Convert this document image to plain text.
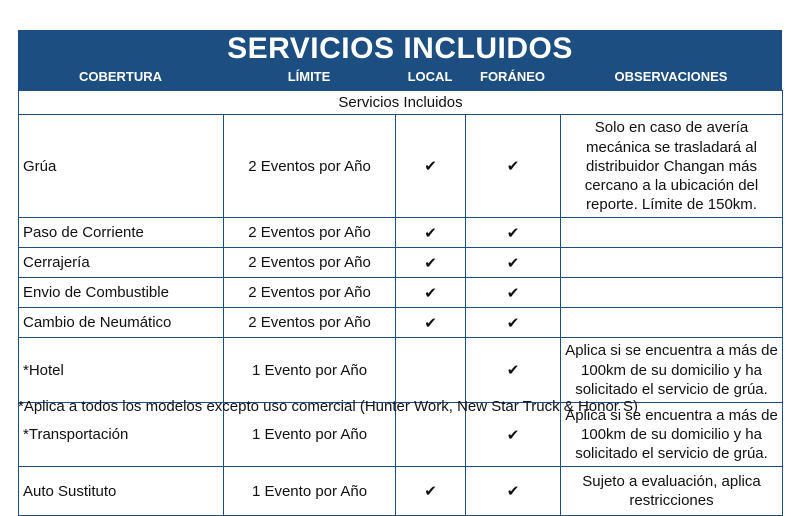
SERVICIOS INCLUIDOS
COBERTURA	LÍMITE	LOCAL	FORÁNEO	OBSERVACIONES
Servicios Incluidos				
Grúa	2 Eventos por Año	✔	✔	Solo en caso de avería mecánica se trasladará al distribuidor Changan más cercano a la ubicación del reporte. Límite de 150km.
Paso de Corriente	2 Eventos por Año	✔	✔	
Cerrajería	2 Eventos por Año	✔	✔	
Envio de Combustible	2 Eventos por Año	✔	✔	
Cambio de Neumático	2 Eventos por Año	✔	✔	
*Hotel	1 Evento por Año		✔	Aplica si se encuentra a más de 100km de su domicilio y ha solicitado el servicio de grúa.
*Transportación	1 Evento por Año		✔	Aplica si se encuentra a más de 100km de su domicilio y ha solicitado el servicio de grúa.
Auto Sustituto	1 Evento por Año	✔	✔	Sujeto a evaluación, aplica restricciones
*Aplica a todos los modelos excepto uso comercial (Hunter Work, New Star Truck & Honor S)
